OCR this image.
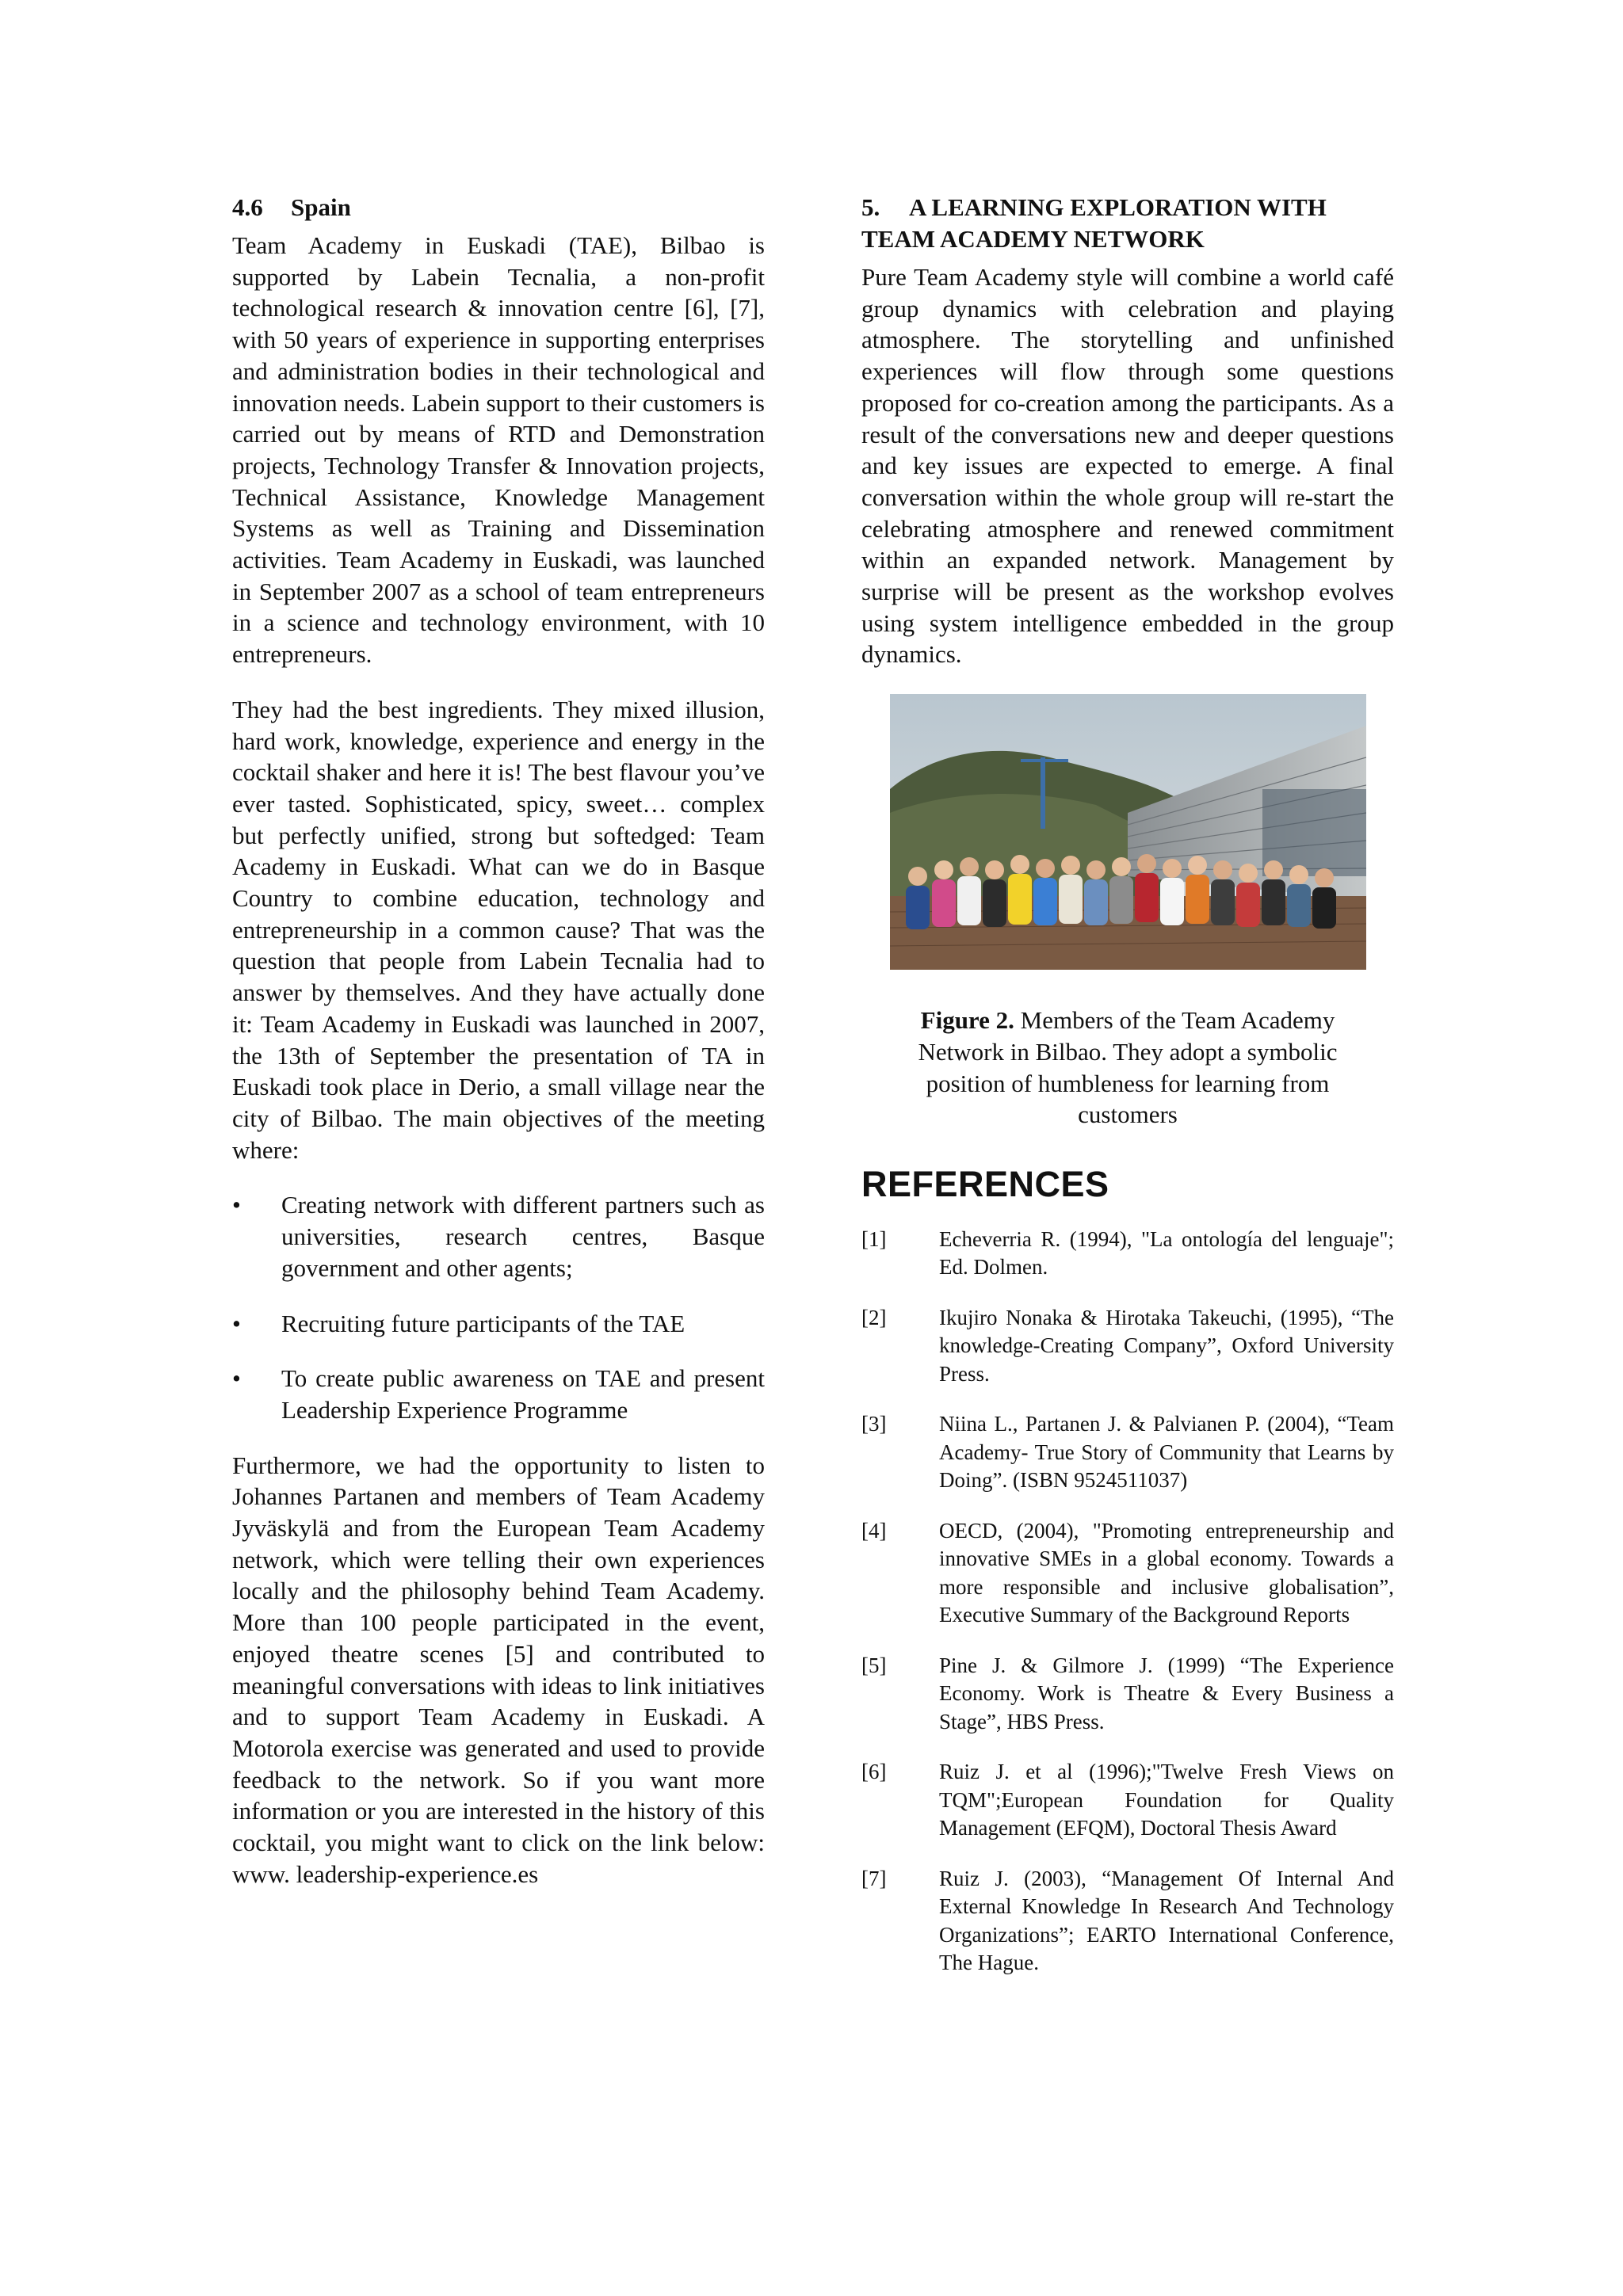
4.6 Spain

Team Academy in Euskadi (TAE), Bilbao is supported by Labein Tecnalia, a non-profit technological research & innovation centre [6], [7], with 50 years of experience in supporting enterprises and administration bodies in their technological and innovation needs. Labein support to their customers is carried out by means of RTD and Demonstration projects, Technology Transfer & Innovation projects, Technical Assistance, Knowledge Management Systems as well as Training and Dissemination activities. Team Academy in Euskadi, was launched in September 2007 as a school of team entrepreneurs in a science and technology environment, with 10 entrepreneurs.

They had the best ingredients. They mixed illusion, hard work, knowledge, experience and energy in the cocktail shaker and here it is! The best flavour you’ve ever tasted. Sophisticated, spicy, sweet… complex but perfectly unified, strong but softedged: Team Academy in Euskadi. What can we do in Basque Country to combine education, technology and entrepreneurship in a common cause? That was the question that people from Labein Tecnalia had to answer by themselves. And they have actually done it: Team Academy in Euskadi was launched in 2007, the 13th of September the presentation of TA in Euskadi took place in Derio, a small village near the city of Bilbao. The main objectives of the meeting where:

• Creating network with different partners such as universities, research centres, Basque government and other agents;
• Recruiting future participants of the TAE
• To create public awareness on TAE and present Leadership Experience Programme

Furthermore, we had the opportunity to listen to Johannes Partanen and members of Team Academy Jyväskylä and from the European Team Academy network, which were telling their own experiences locally and the philosophy behind Team Academy. More than 100 people participated in the event, enjoyed theatre scenes [5] and contributed to meaningful conversations with ideas to link initiatives and to support Team Academy in Euskadi. A Motorola exercise was generated and used to provide feedback to the network. So if you want more information or you are interested in the history of this cocktail, you might want to click on the link below: www. leadership-experience.es

5. A LEARNING EXPLORATION WITH
TEAM ACADEMY NETWORK

Pure Team Academy style will combine a world café group dynamics with celebration and playing atmosphere. The storytelling and unfinished experiences will flow through some questions proposed for co-creation among the participants. As a result of the conversations new and deeper questions and key issues are expected to emerge. A final conversation within the whole group will re-start the celebrating atmosphere and renewed commitment within an expanded network. Management by surprise will be present as the workshop evolves using system intelligence embedded in the group dynamics.

Figure 2. Members of the Team Academy Network in Bilbao. They adopt a symbolic position of humbleness for learning from customers
REFERENCES
[1]	Echeverria R. (1994), "La ontología del lenguaje"; Ed. Dolmen.
[2]	Ikujiro Nonaka & Hirotaka Takeuchi, (1995), “The knowledge-Creating Company”, Oxford University Press.
[3]	Niina L., Partanen J. & Palvianen P. (2004), “Team Academy- True Story of Community that Learns by Doing”. (ISBN 9524511037)
[4]	OECD, (2004), "Promoting entrepreneurship and innovative SMEs in a global economy. Towards a more responsible and inclusive globalisation”, Executive Summary of the Background Reports
[5]	Pine J. & Gilmore J. (1999) “The Experience Economy. Work is Theatre & Every Business a Stage”, HBS Press.
[6]	Ruiz J. et al (1996);"Twelve Fresh Views on TQM";European Foundation for Quality Management (EFQM), Doctoral Thesis Award
[7]	Ruiz J. (2003), “Management Of Internal And External Knowledge In Research And Technology Organizations”; EARTO International Conference, The Hague.
